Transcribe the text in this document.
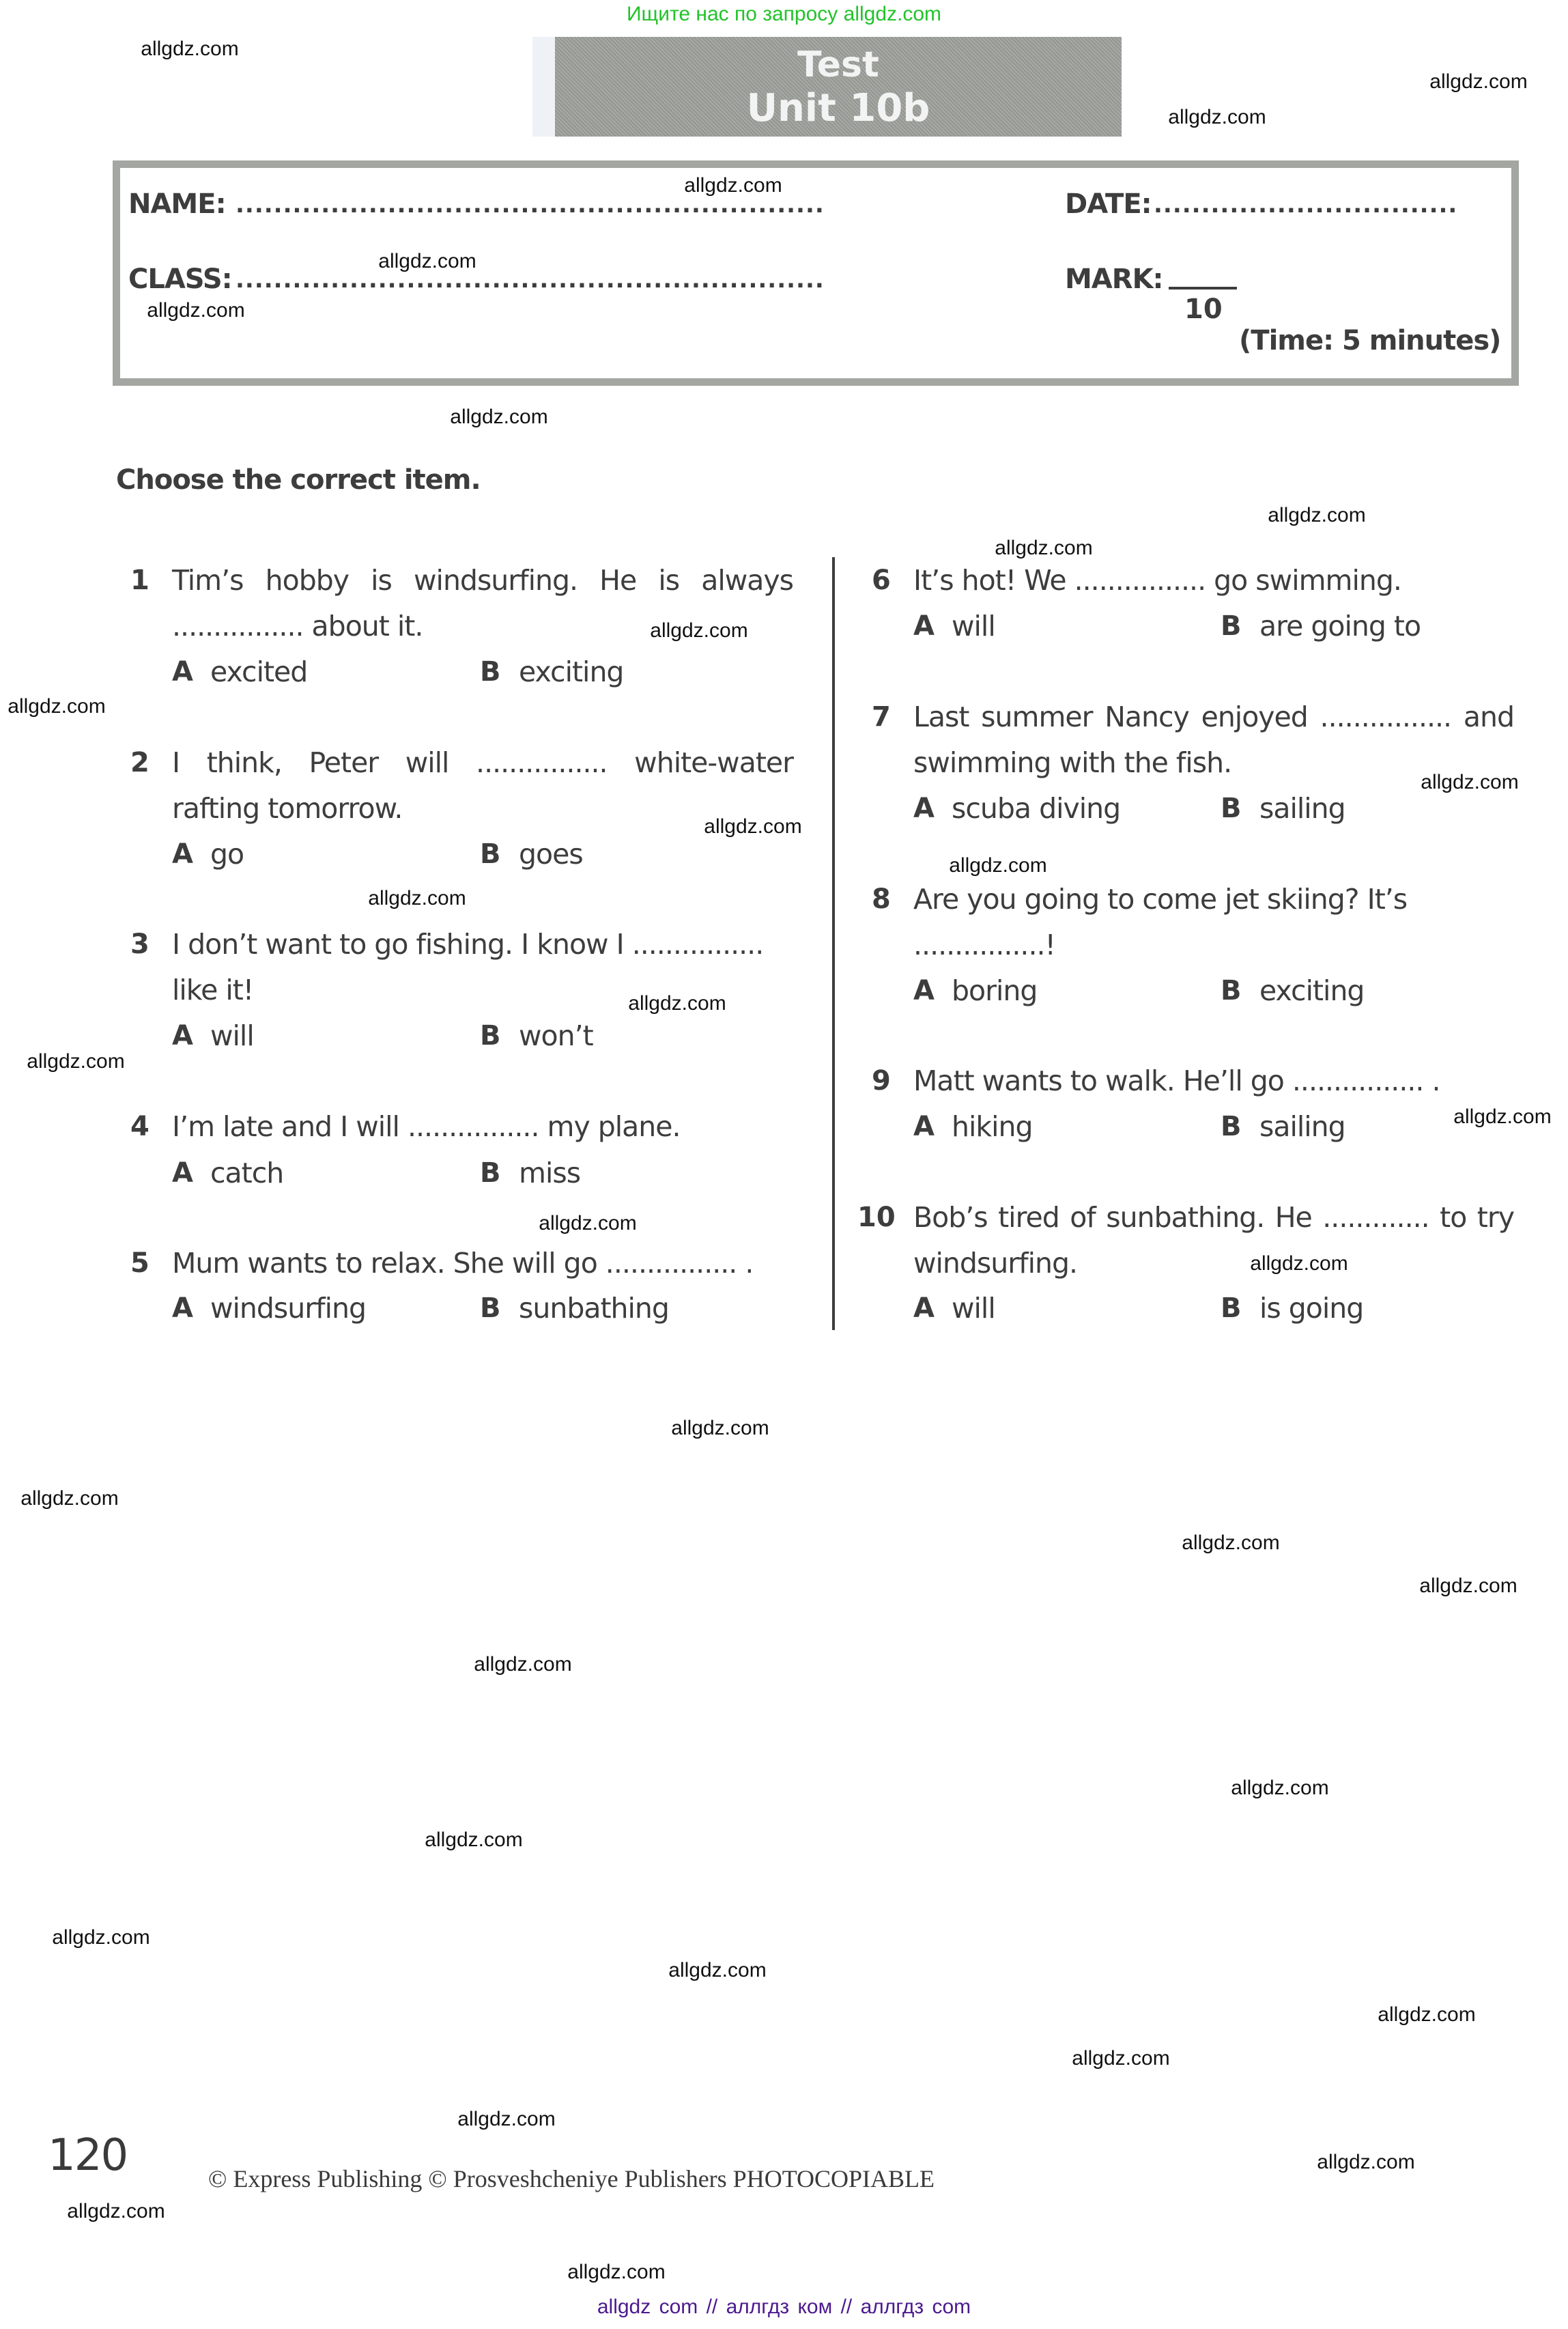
Ищите нас по запросу allgdz.com
Test
Unit 10b
NAME: ..............................................................	DATE: ................................
CLASS: ..............................................................	MARK:
10
(Time: 5 minutes)
Choose the correct item.
1 Tim’s hobby is windsurfing. He is always ................ about it.
A excited	B exciting
2 I think, Peter will ................ white-water rafting tomorrow.
A go	B goes
3 I don’t want to go fishing. I know I ................ like it!
A will	B won’t
4 I’m late and I will ................ my plane.
A catch	B miss
5 Mum wants to relax. She will go ................ .
A windsurfing	B sunbathing
6 It’s hot! We ................ go swimming.
A will	B are going to
7 Last summer Nancy enjoyed ................ and swimming with the fish.
A scuba diving	B sailing
8 Are you going to come jet skiing? It’s ................!
A boring	B exciting
9 Matt wants to walk. He’ll go ................ .
A hiking	B sailing
10 Bob’s tired of sunbathing. He ............. to try windsurfing.
A will	B is going
120	© Express Publishing © Prosveshcheniye Publishers PHOTOCOPIABLE
allgdz.com
allgdz.com
allgdz.com
allgdz.com
allgdz.com
allgdz.com
allgdz.com
allgdz.com
allgdz.com
allgdz.com
allgdz.com
allgdz.com
allgdz.com
allgdz.com
allgdz.com
allgdz.com
allgdz.com
allgdz.com
allgdz.com
allgdz.com
allgdz.com
allgdz.com
allgdz.com
allgdz.com
allgdz.com
allgdz.com
allgdz.com
allgdz.com
allgdz.com
allgdz.com
allgdz.com
allgdz.com
allgdz.com
allgdz.com
allgdz.com
allgdz com // аллгдз ком // аллгдз com
